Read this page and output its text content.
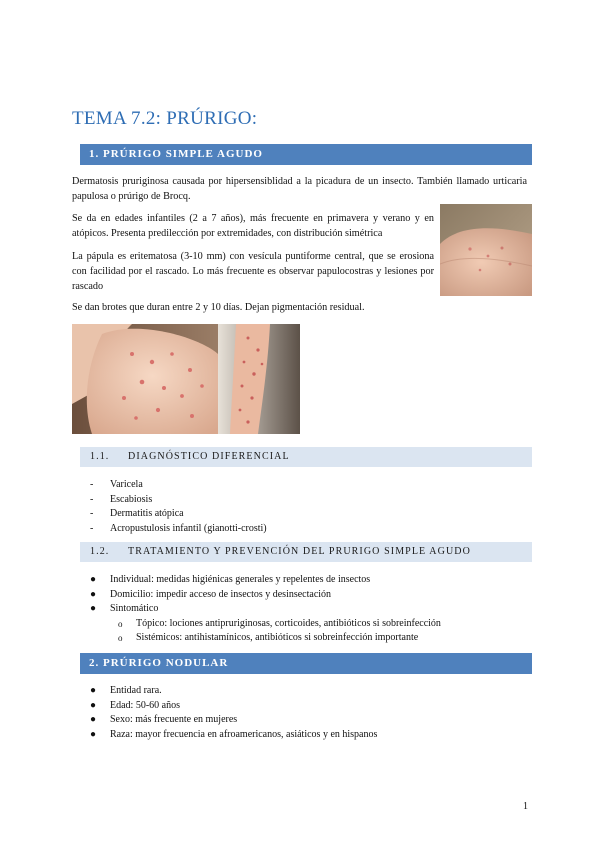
TEMA 7.2: PRÚRIGO:
1. PRÚRIGO SIMPLE AGUDO
Dermatosis pruriginosa causada por hipersensiblidad a la picadura de un insecto. También llamado urticaria papulosa o prúrigo de Brocq.
Se da en edades infantiles (2 a 7 años), más frecuente en primavera y verano y en atópicos. Presenta predilección por extremidades, con distribución simétrica
La pápula es eritematosa (3-10 mm) con vesícula puntiforme central, que se erosiona con facilidad por el rascado. Lo más frecuente es observar papulocostras y lesiones por rascado
Se dan brotes que duran entre 2 y 10 días. Dejan pigmentación residual.
1.1. DIAGNÓSTICO DIFERENCIAL
- Varicela
- Escabiosis
- Dermatitis atópica
- Acropustulosis infantil (gianotti-crosti)
1.2. TRATAMIENTO Y PREVENCIÓN DEL PRURIGO SIMPLE AGUDO
● Individual: medidas higiénicas generales y repelentes de insectos
● Domicilio: impedir acceso de insectos y desinsectación
● Sintomático
o Tópico: lociones antipruriginosas, corticoides, antibióticos si sobreinfección
o Sistémicos: antihistamínicos, antibióticos si sobreinfección importante
2. PRÚRIGO NODULAR
● Entidad rara.
● Edad: 50-60 años
● Sexo: más frecuente en mujeres
● Raza: mayor frecuencia en afroamericanos, asiáticos y en hispanos
1
